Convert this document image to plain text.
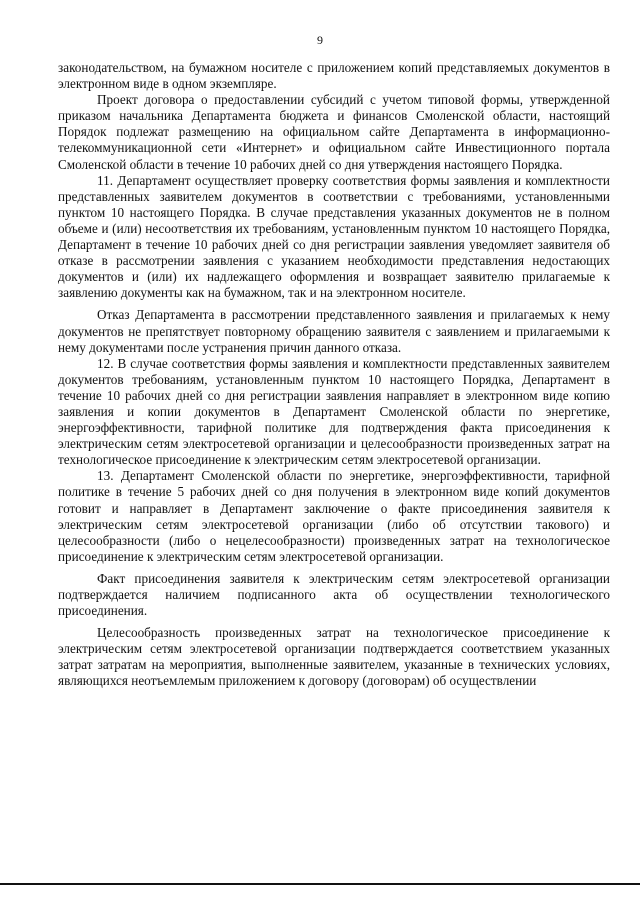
9

законодательством, на бумажном носителе с приложением копий представляемых документов в электронном виде в одном экземпляре.

Проект договора о предоставлении субсидий с учетом типовой формы, утвержденной приказом начальника Департамента бюджета и финансов Смоленской области, настоящий Порядок подлежат размещению на официальном сайте Департамента в информационно-телекоммуникационной сети «Интернет» и официальном сайте Инвестиционного портала Смоленской области в течение 10 рабочих дней со дня утверждения настоящего Порядка.

11. Департамент осуществляет проверку соответствия формы заявления и комплектности представленных заявителем документов в соответствии с требованиями, установленными пунктом 10 настоящего Порядка. В случае представления указанных документов не в полном объеме и (или) несоответствия их требованиям, установленным пунктом 10 настоящего Порядка, Департамент в течение 10 рабочих дней со дня регистрации заявления уведомляет заявителя об отказе в рассмотрении заявления с указанием необходимости представления недостающих документов и (или) их надлежащего оформления и возвращает заявителю прилагаемые к заявлению документы как на бумажном, так и на электронном носителе.

Отказ Департамента в рассмотрении представленного заявления и прилагаемых к нему документов не препятствует повторному обращению заявителя с заявлением и прилагаемыми к нему документами после устранения причин данного отказа.

12. В случае соответствия формы заявления и комплектности представленных заявителем документов требованиям, установленным пунктом 10 настоящего Порядка, Департамент в течение 10 рабочих дней со дня регистрации заявления направляет в электронном виде копию заявления и копии документов в Департамент Смоленской области по энергетике, энергоэффективности, тарифной политике для подтверждения факта присоединения к электрическим сетям электросетевой организации и целесообразности произведенных затрат на технологическое присоединение к электрическим сетям электросетевой организации.

13. Департамент Смоленской области по энергетике, энергоэффективности, тарифной политике в течение 5 рабочих дней со дня получения в электронном виде копий документов готовит и направляет в Департамент заключение о факте присоединения заявителя к электрическим сетям электросетевой организации (либо об отсутствии такового) и целесообразности (либо о нецелесообразности) произведенных затрат на технологическое присоединение к электрическим сетям электросетевой организации.

Факт присоединения заявителя к электрическим сетям электросетевой организации подтверждается наличием подписанного акта об осуществлении технологического присоединения.

Целесообразность произведенных затрат на технологическое присоединение к электрическим сетям электросетевой организации подтверждается соответствием указанных затрат затратам на мероприятия, выполненные заявителем, указанные в технических условиях, являющихся неотъемлемым приложением к договору (договорам) об осуществлении
